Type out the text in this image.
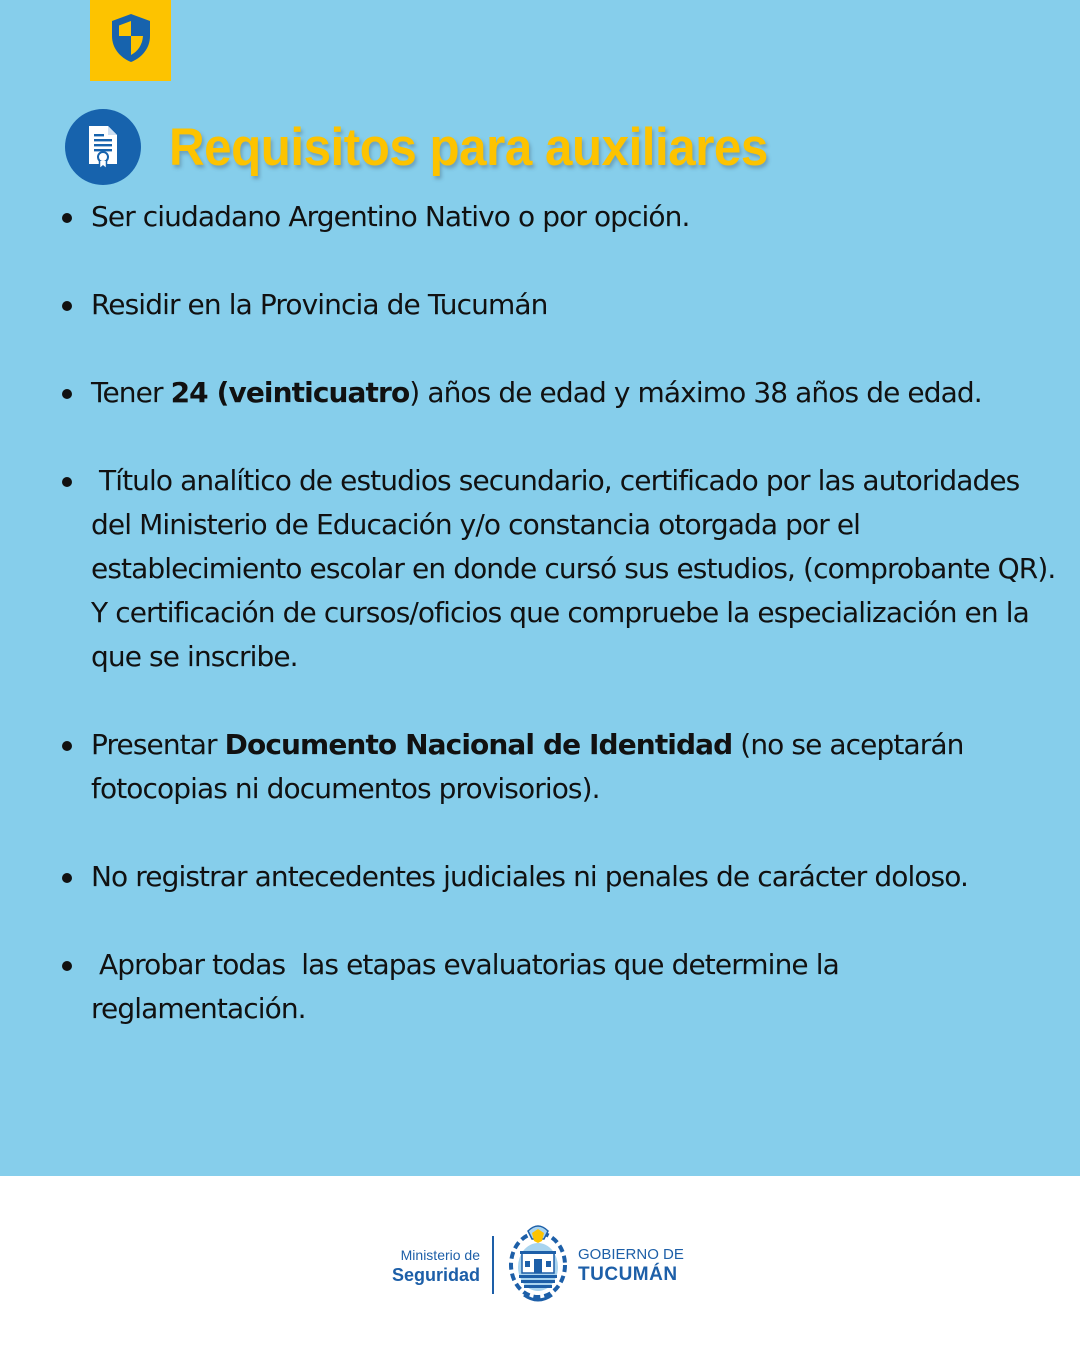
Requisitos para auxiliares
Ser ciudadano Argentino Nativo o por opción.
Residir en la Provincia de Tucumán
Tener 24 (veinticuatro) años de edad y máximo 38 años de edad.
Título analítico de estudios secundario, certificado por las autoridades del Ministerio de Educación y/o constancia otorgada por el establecimiento escolar en donde cursó sus estudios, (comprobante QR). Y certificación de cursos/oficios que compruebe la especialización en la que se inscribe.
Presentar Documento Nacional de Identidad (no se aceptarán fotocopias ni documentos provisorios).
No registrar antecedentes judiciales ni penales de carácter doloso.
Aprobar todas  las etapas evaluatorias que determine la reglamentación.
Ministerio de
Seguridad
GOBIERNO DE
TUCUMÁN
